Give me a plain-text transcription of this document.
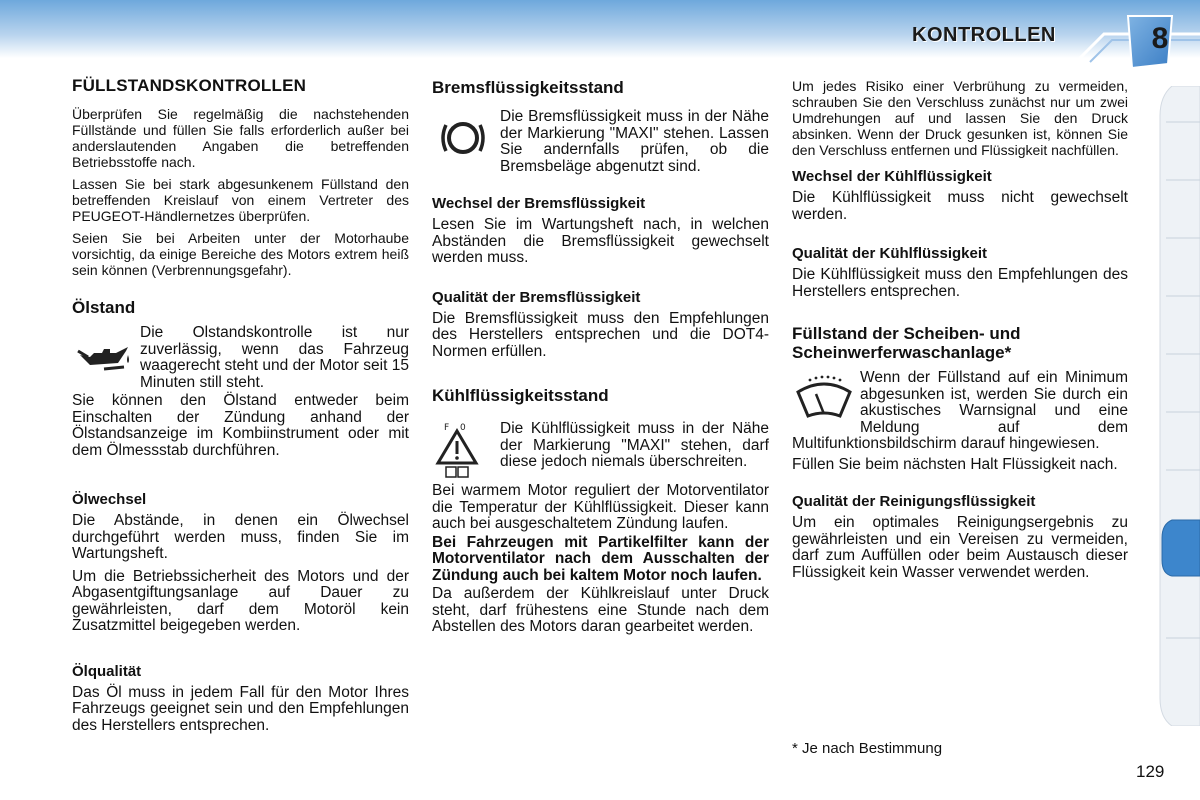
KONTROLLEN	8
FÜLLSTANDSKONTROLLEN

Überprüfen Sie regelmäßig die nachstehenden Füllstände und füllen Sie falls erforderlich außer bei anderslautenden Angaben die betreffenden Betriebsstoffe nach.

Lassen Sie bei stark abgesunkenem Füllstand den betreffenden Kreislauf von einem Vertreter des PEUGEOT-Händlernetzes überprüfen.

Seien Sie bei Arbeiten unter der Motorhaube vorsichtig, da einige Bereiche des Motors extrem heiß sein können (Verbrennungsgefahr).

Ölstand

Die Ölstandskontrolle ist nur zuverlässig, wenn das Fahrzeug waagerecht steht und der Motor seit 15 Minuten still steht.

Sie können den Ölstand entweder beim Einschalten der Zündung anhand der Ölstandsanzeige im Kombiinstrument oder mit dem Ölmessstab durchführen.

Ölwechsel

Die Abstände, in denen ein Ölwechsel durchgeführt werden muss, finden Sie im Wartungsheft.

Um die Betriebssicherheit des Motors und der Abgasentgiftungsanlage auf Dauer zu gewährleisten, darf dem Motoröl kein Zusatzmittel beigegeben werden.

Ölqualität

Das Öl muss in jedem Fall für den Motor Ihres Fahrzeugs geeignet sein und den Empfehlungen des Herstellers entsprechen.

Bremsflüssigkeitsstand

Die Bremsflüssigkeit muss in der Nähe der Markierung "MAXI" stehen. Lassen Sie andernfalls prüfen, ob die Bremsbeläge abgenutzt sind.

Wechsel der Bremsflüssigkeit

Lesen Sie im Wartungsheft nach, in welchen Abständen die Bremsflüssigkeit gewechselt werden muss.

Qualität der Bremsflüssigkeit

Die Bremsflüssigkeit muss den Empfehlungen des Herstellers entsprechen und die DOT4-Normen erfüllen.

Kühlflüssigkeitsstand
F 0	Die Kühlflüssigkeit muss in der Nähe der Markierung "MAXI" stehen, darf diese jedoch niemals überschreiten.

Bei warmem Motor reguliert der Motorventilator die Temperatur der Kühlflüssigkeit. Dieser kann auch bei ausgeschaltetem Zündung laufen.

Bei Fahrzeugen mit Partikelfilter kann der Motorventilator nach dem Ausschalten der Zündung auch bei kaltem Motor noch laufen.

Da außerdem der Kühlkreislauf unter Druck steht, darf frühestens eine Stunde nach dem Abstellen des Motors daran gearbeitet werden.

Um jedes Risiko einer Verbrühung zu vermeiden, schrauben Sie den Verschluss zunächst nur um zwei Umdrehungen auf und lassen Sie den Druck absinken. Wenn der Druck gesunken ist, können Sie den Verschluss entfernen und Flüssigkeit nachfüllen.

Wechsel der Kühlflüssigkeit

Die Kühlflüssigkeit muss nicht gewechselt werden.

Qualität der Kühlflüssigkeit

Die Kühlflüssigkeit muss den Empfehlungen des Herstellers entsprechen.

Füllstand der Scheiben- und Scheinwerferwaschanlage*

Wenn der Füllstand auf ein Minimum abgesunken ist, werden Sie durch ein akustisches Warnsignal und eine Meldung auf dem Multifunktionsbildschirm darauf hingewiesen.

Füllen Sie beim nächsten Halt Flüssigkeit nach.

Qualität der Reinigungsflüssigkeit

Um ein optimales Reinigungsergebnis zu gewährleisten und ein Vereisen zu vermeiden, darf zum Auffüllen oder beim Austausch dieser Flüssigkeit kein Wasser verwendet werden.

* Je nach Bestimmung
129
